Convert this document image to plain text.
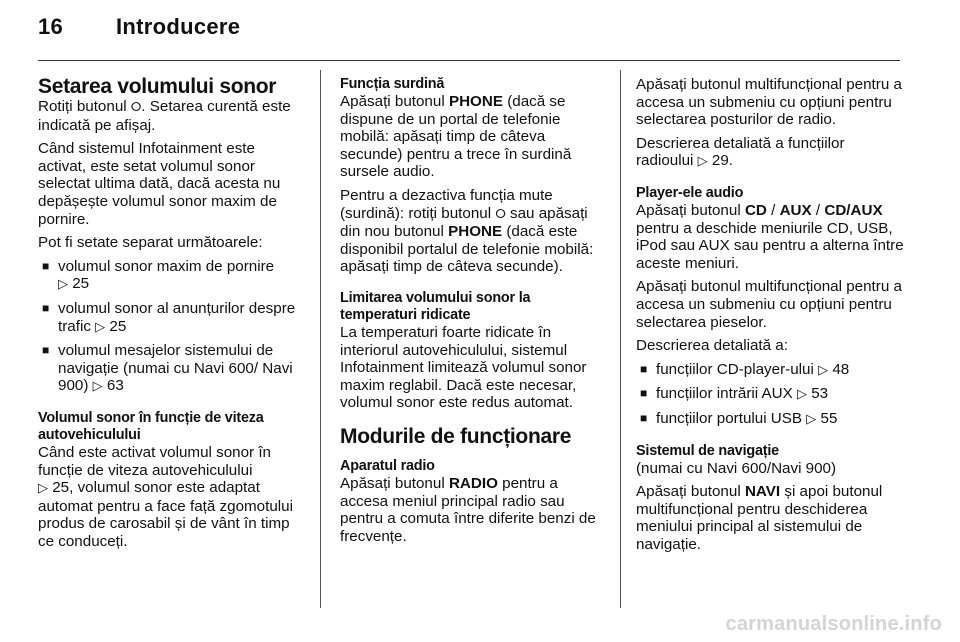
16 Introducere
Setarea volumului sonor

Rotiți butonul ⭘. Setarea curentă este indicată pe afișaj.

Când sistemul Infotainment este activat, este setat volumul sonor selectat ultima dată, dacă acesta nu depășește volumul sonor maxim de pornire.

Pot fi setate separat următoarele:

■ volumul sonor maxim de pornire
▷ 25
■ volumul sonor al anunțurilor despre trafic ▷ 25
■ volumul mesajelor sistemului de navigație (numai cu Navi 600/ Navi 900) ▷ 63
Volumul sonor în funcție de viteza autovehiculului

Când este activat volumul sonor în funcție de viteza autovehiculului
▷ 25, volumul sonor este adaptat automat pentru a face față zgomotului produs de carosabil și de vânt în timp ce conduceți.

Funcția surdină

Apăsați butonul PHONE (dacă se dispune de un portal de telefonie mobilă: apăsați timp de câteva secunde) pentru a trece în surdină sursele audio.

Pentru a dezactiva funcția mute (surdină): rotiți butonul ⭘ sau apăsați din nou butonul PHONE (dacă este disponibil portalul de telefonie mobilă: apăsați timp de câteva secunde).

Limitarea volumului sonor la temperaturi ridicate

La temperaturi foarte ridicate în interiorul autovehiculului, sistemul Infotainment limitează volumul sonor maxim reglabil. Dacă este necesar, volumul sonor este redus automat.

Modurile de funcționare
Aparatul radio

Apăsați butonul RADIO pentru a accesa meniul principal radio sau pentru a comuta între diferite benzi de frecvențe.

Apăsați butonul multifuncțional pentru a accesa un submeniu cu opțiuni pentru selectarea posturilor de radio.

Descrierea detaliată a funcțiilor radioului ▷ 29.

Player-ele audio

Apăsați butonul CD / AUX / CD/AUX pentru a deschide meniurile CD, USB, iPod sau AUX sau pentru a alterna între aceste meniuri.

Apăsați butonul multifuncțional pentru a accesa un submeniu cu opțiuni pentru selectarea pieselor.

Descrierea detaliată a:

■ funcțiilor CD-player-ului ▷ 48
■ funcțiilor intrării AUX ▷ 53
■ funcțiilor portului USB ▷ 55
Sistemul de navigație

(numai cu Navi 600/Navi 900)

Apăsați butonul NAVI și apoi butonul multifuncțional pentru deschiderea meniului principal al sistemului de navigație.

carmanualsonline.info
